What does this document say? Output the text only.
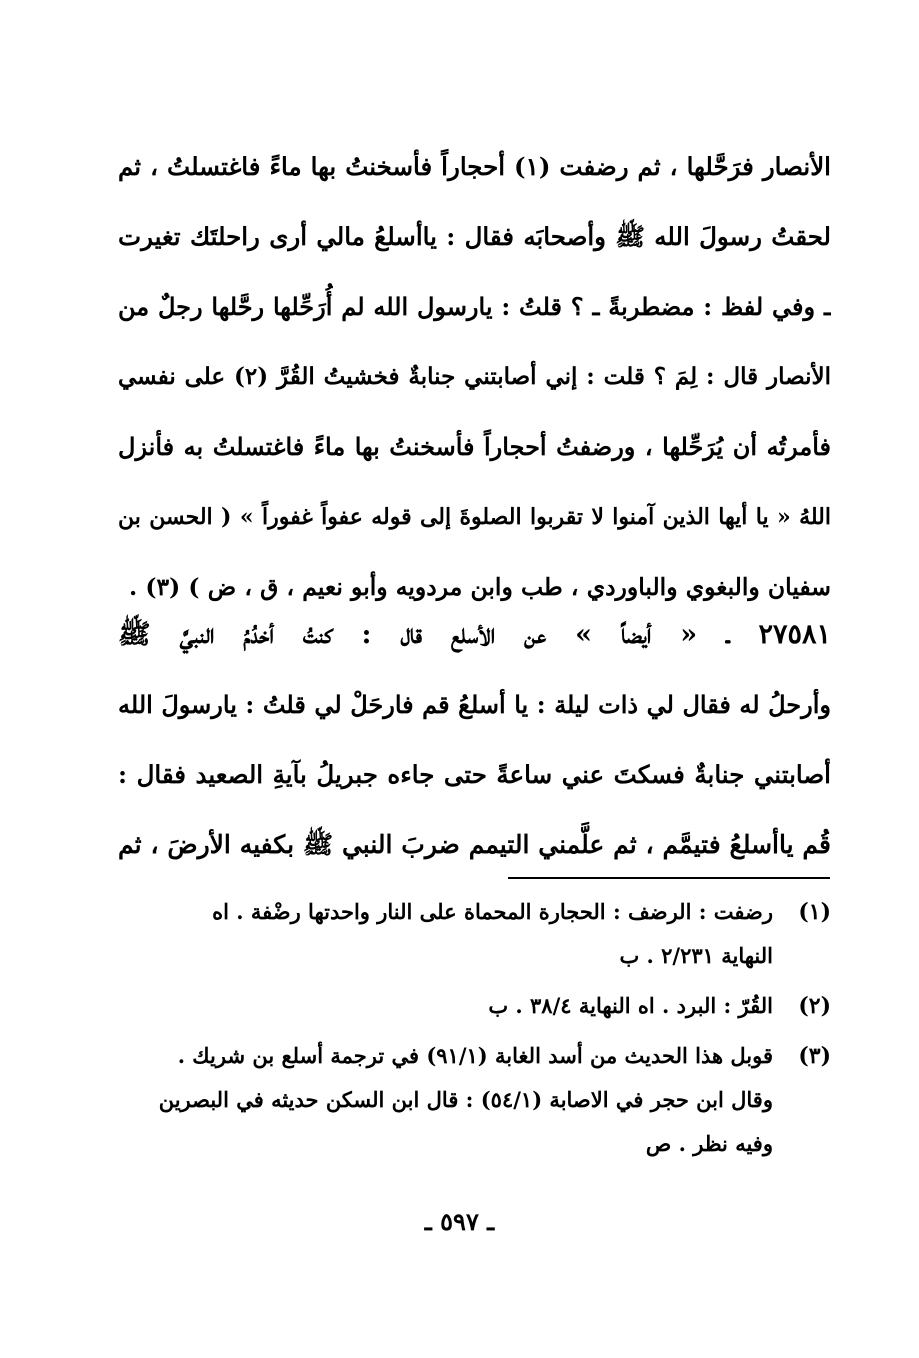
الأنصار فرَحَّلها ، ثم رضفت (١) أحجاراً فأسخنتُ بها ماءً فاغتسلتُ ، ثم
لحقتُ رسولَ الله ﷺ وأصحابَه فقال : ياأسلعُ مالي أرى راحلتَك تغيرت
ـ وفي لفظ : مضطربةً ـ ؟ قلتُ : يارسول الله لم أُرَحِّلها رحَّلها رجلٌ من
الأنصار قال : لِمَ ؟ قلت : إني أصابتني جنابةٌ فخشيتُ القُرَّ (٢) على نفسي
فأمرتُه أن يُرَحِّلها ، ورضفتُ أحجاراً فأسخنتُ بها ماءً فاغتسلتُ به فأنزل
اللهُ « يا أيها الذين آمنوا لا تقربوا الصلوةَ إلى قوله عفواً غفوراً » ( الحسن بن
سفيان والبغوي والباوردي ، طب وابن مردويه وأبو نعيم ، ق ، ض ) (٣) .
٢٧٥٨١ ـ « أيضاً » عن الأسلع قال : كنتُ أخدُمُ النبيَّ ﷺ
وأرحلُ له فقال لي ذات ليلة : يا أسلعُ قم فارحَلْ لي قلتُ : يارسولَ الله
أصابتني جنابةٌ فسكتَ عني ساعةً حتى جاءه جبريلُ بآيةِ الصعيد فقال :
قُم ياأسلعُ فتيمَّم ، ثم علَّمني التيمم ضربَ النبي ﷺ بكفيه الأرضَ ، ثم
(١)
رضفت : الرضف : الحجارة المحماة على النار واحدتها رضْفة . اه
النهاية ٢/٢٣١ . ب
(٢)
القُرّ : البرد . اه النهاية ٣٨/٤ . ب
(٣)
قوبل هذا الحديث من أسد الغابة (٩١/١) في ترجمة أسلع بن شريك .
وقال ابن حجر في الاصابة (٥٤/١) : قال ابن السكن حديثه في البصرين
وفيه نظر . ص
ـ ٥٩٧ ـ
